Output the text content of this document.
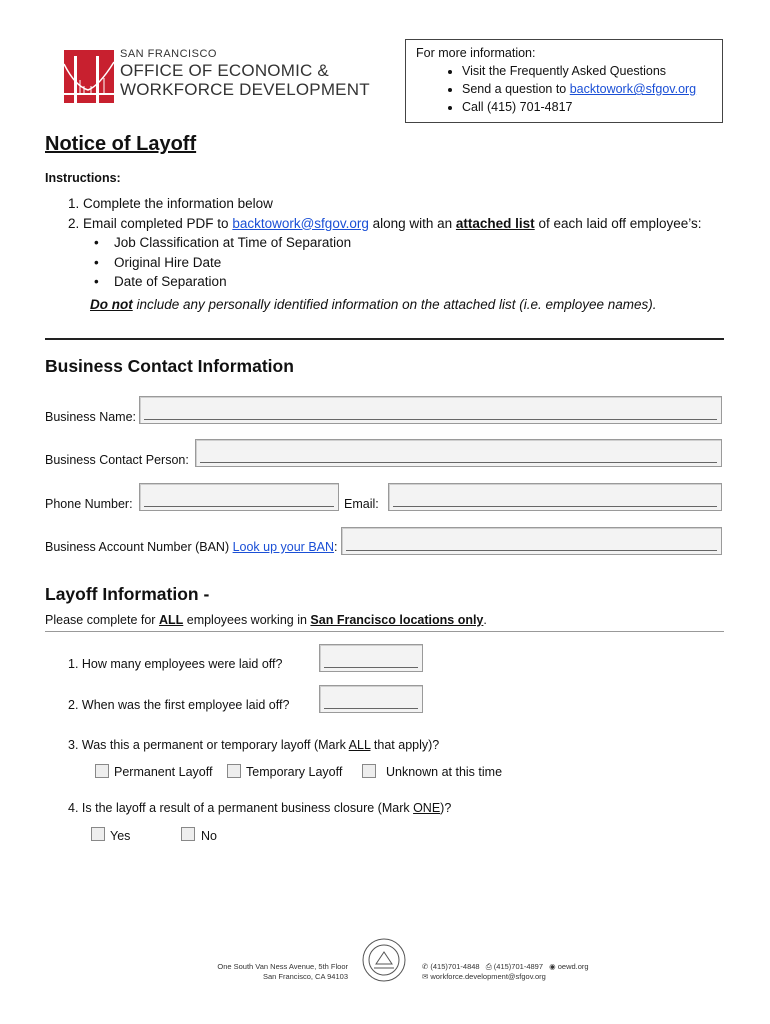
SAN FRANCISCO
OFFICE OF ECONOMIC &
WORKFORCE DEVELOPMENT
For more information:
• Visit the Frequently Asked Questions
• Send a question to backtowork@sfgov.org
• Call (415) 701-4817
Notice of Layoff
Instructions:
1. Complete the information below
2. Email completed PDF to backtowork@sfgov.org along with an attached list of each laid off employee’s:
• Job Classification at Time of Separation
• Original Hire Date
• Date of Separation
Do not include any personally identified information on the attached list (i.e. employee names).
Business Contact Information
Business Name:
Business Contact Person:
Phone Number:	Email:
Business Account Number (BAN) Look up your BAN:
Layoff Information -
Please complete for ALL employees working in San Francisco locations only.
1. How many employees were laid off?
2. When was the first employee laid off?
3. Was this a permanent or temporary layoff (Mark ALL that apply)?
Permanent Layoff	Temporary Layoff	Unknown at this time
4. Is the layoff a result of a permanent business closure (Mark ONE)?
Yes	No
One South Van Ness Avenue, 5th Floor
San Francisco, CA 94103
✆ (415)701-4848 ⎙ (415)701-4897 ◉ oewd.org
✉ workforce.development@sfgov.org
